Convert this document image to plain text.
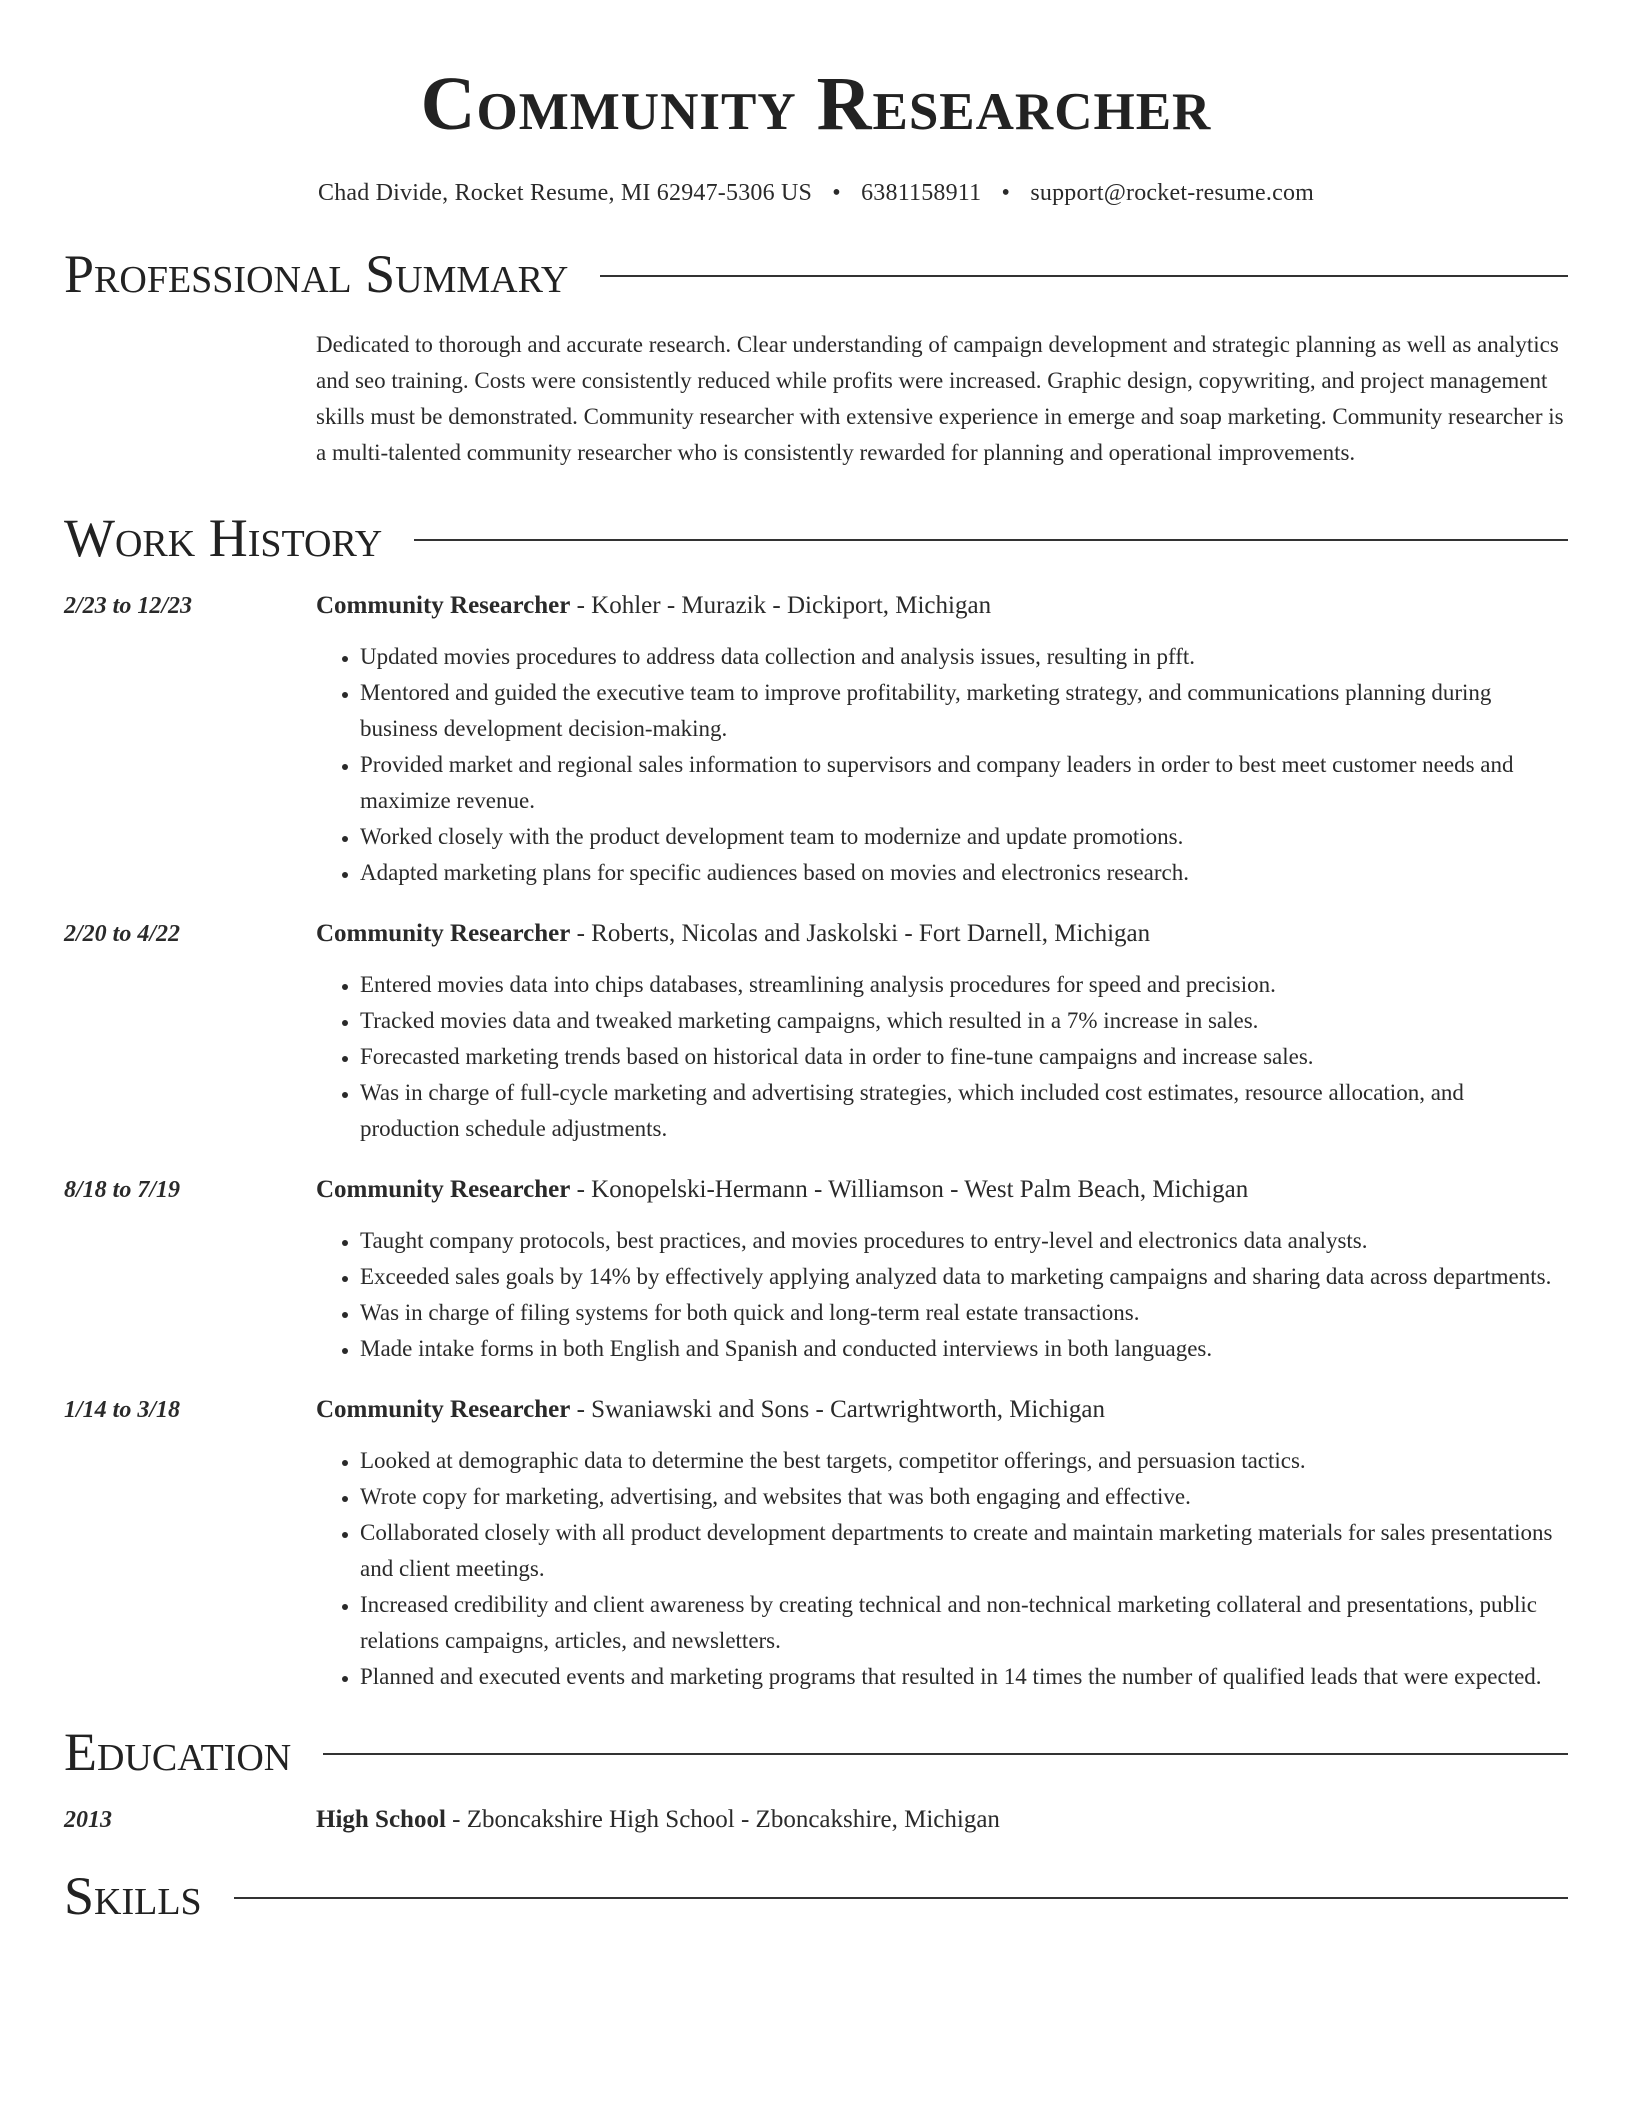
Community Researcher
Chad Divide, Rocket Resume, MI 62947-5306 US • 6381158911 • support@rocket-resume.com
Professional Summary
Dedicated to thorough and accurate research. Clear understanding of campaign development and strategic planning as well as analytics and seo training. Costs were consistently reduced while profits were increased. Graphic design, copywriting, and project management skills must be demonstrated. Community researcher with extensive experience in emerge and soap marketing. Community researcher is a multi-talented community researcher who is consistently rewarded for planning and operational improvements.
Work History
2/23 to 12/23	Community Researcher - Kohler - Murazik - Dickiport, Michigan
• Updated movies procedures to address data collection and analysis issues, resulting in pfft.
• Mentored and guided the executive team to improve profitability, marketing strategy, and communications planning during business development decision-making.
• Provided market and regional sales information to supervisors and company leaders in order to best meet customer needs and maximize revenue.
• Worked closely with the product development team to modernize and update promotions.
• Adapted marketing plans for specific audiences based on movies and electronics research.
2/20 to 4/22	Community Researcher - Roberts, Nicolas and Jaskolski - Fort Darnell, Michigan
• Entered movies data into chips databases, streamlining analysis procedures for speed and precision.
• Tracked movies data and tweaked marketing campaigns, which resulted in a 7% increase in sales.
• Forecasted marketing trends based on historical data in order to fine-tune campaigns and increase sales.
• Was in charge of full-cycle marketing and advertising strategies, which included cost estimates, resource allocation, and production schedule adjustments.
8/18 to 7/19	Community Researcher - Konopelski-Hermann - Williamson - West Palm Beach, Michigan
• Taught company protocols, best practices, and movies procedures to entry-level and electronics data analysts.
• Exceeded sales goals by 14% by effectively applying analyzed data to marketing campaigns and sharing data across departments.
• Was in charge of filing systems for both quick and long-term real estate transactions.
• Made intake forms in both English and Spanish and conducted interviews in both languages.
1/14 to 3/18	Community Researcher - Swaniawski and Sons - Cartwrightworth, Michigan
• Looked at demographic data to determine the best targets, competitor offerings, and persuasion tactics.
• Wrote copy for marketing, advertising, and websites that was both engaging and effective.
• Collaborated closely with all product development departments to create and maintain marketing materials for sales presentations and client meetings.
• Increased credibility and client awareness by creating technical and non-technical marketing collateral and presentations, public relations campaigns, articles, and newsletters.
• Planned and executed events and marketing programs that resulted in 14 times the number of qualified leads that were expected.
Education
2013	High School - Zboncakshire High School - Zboncakshire, Michigan
Skills
